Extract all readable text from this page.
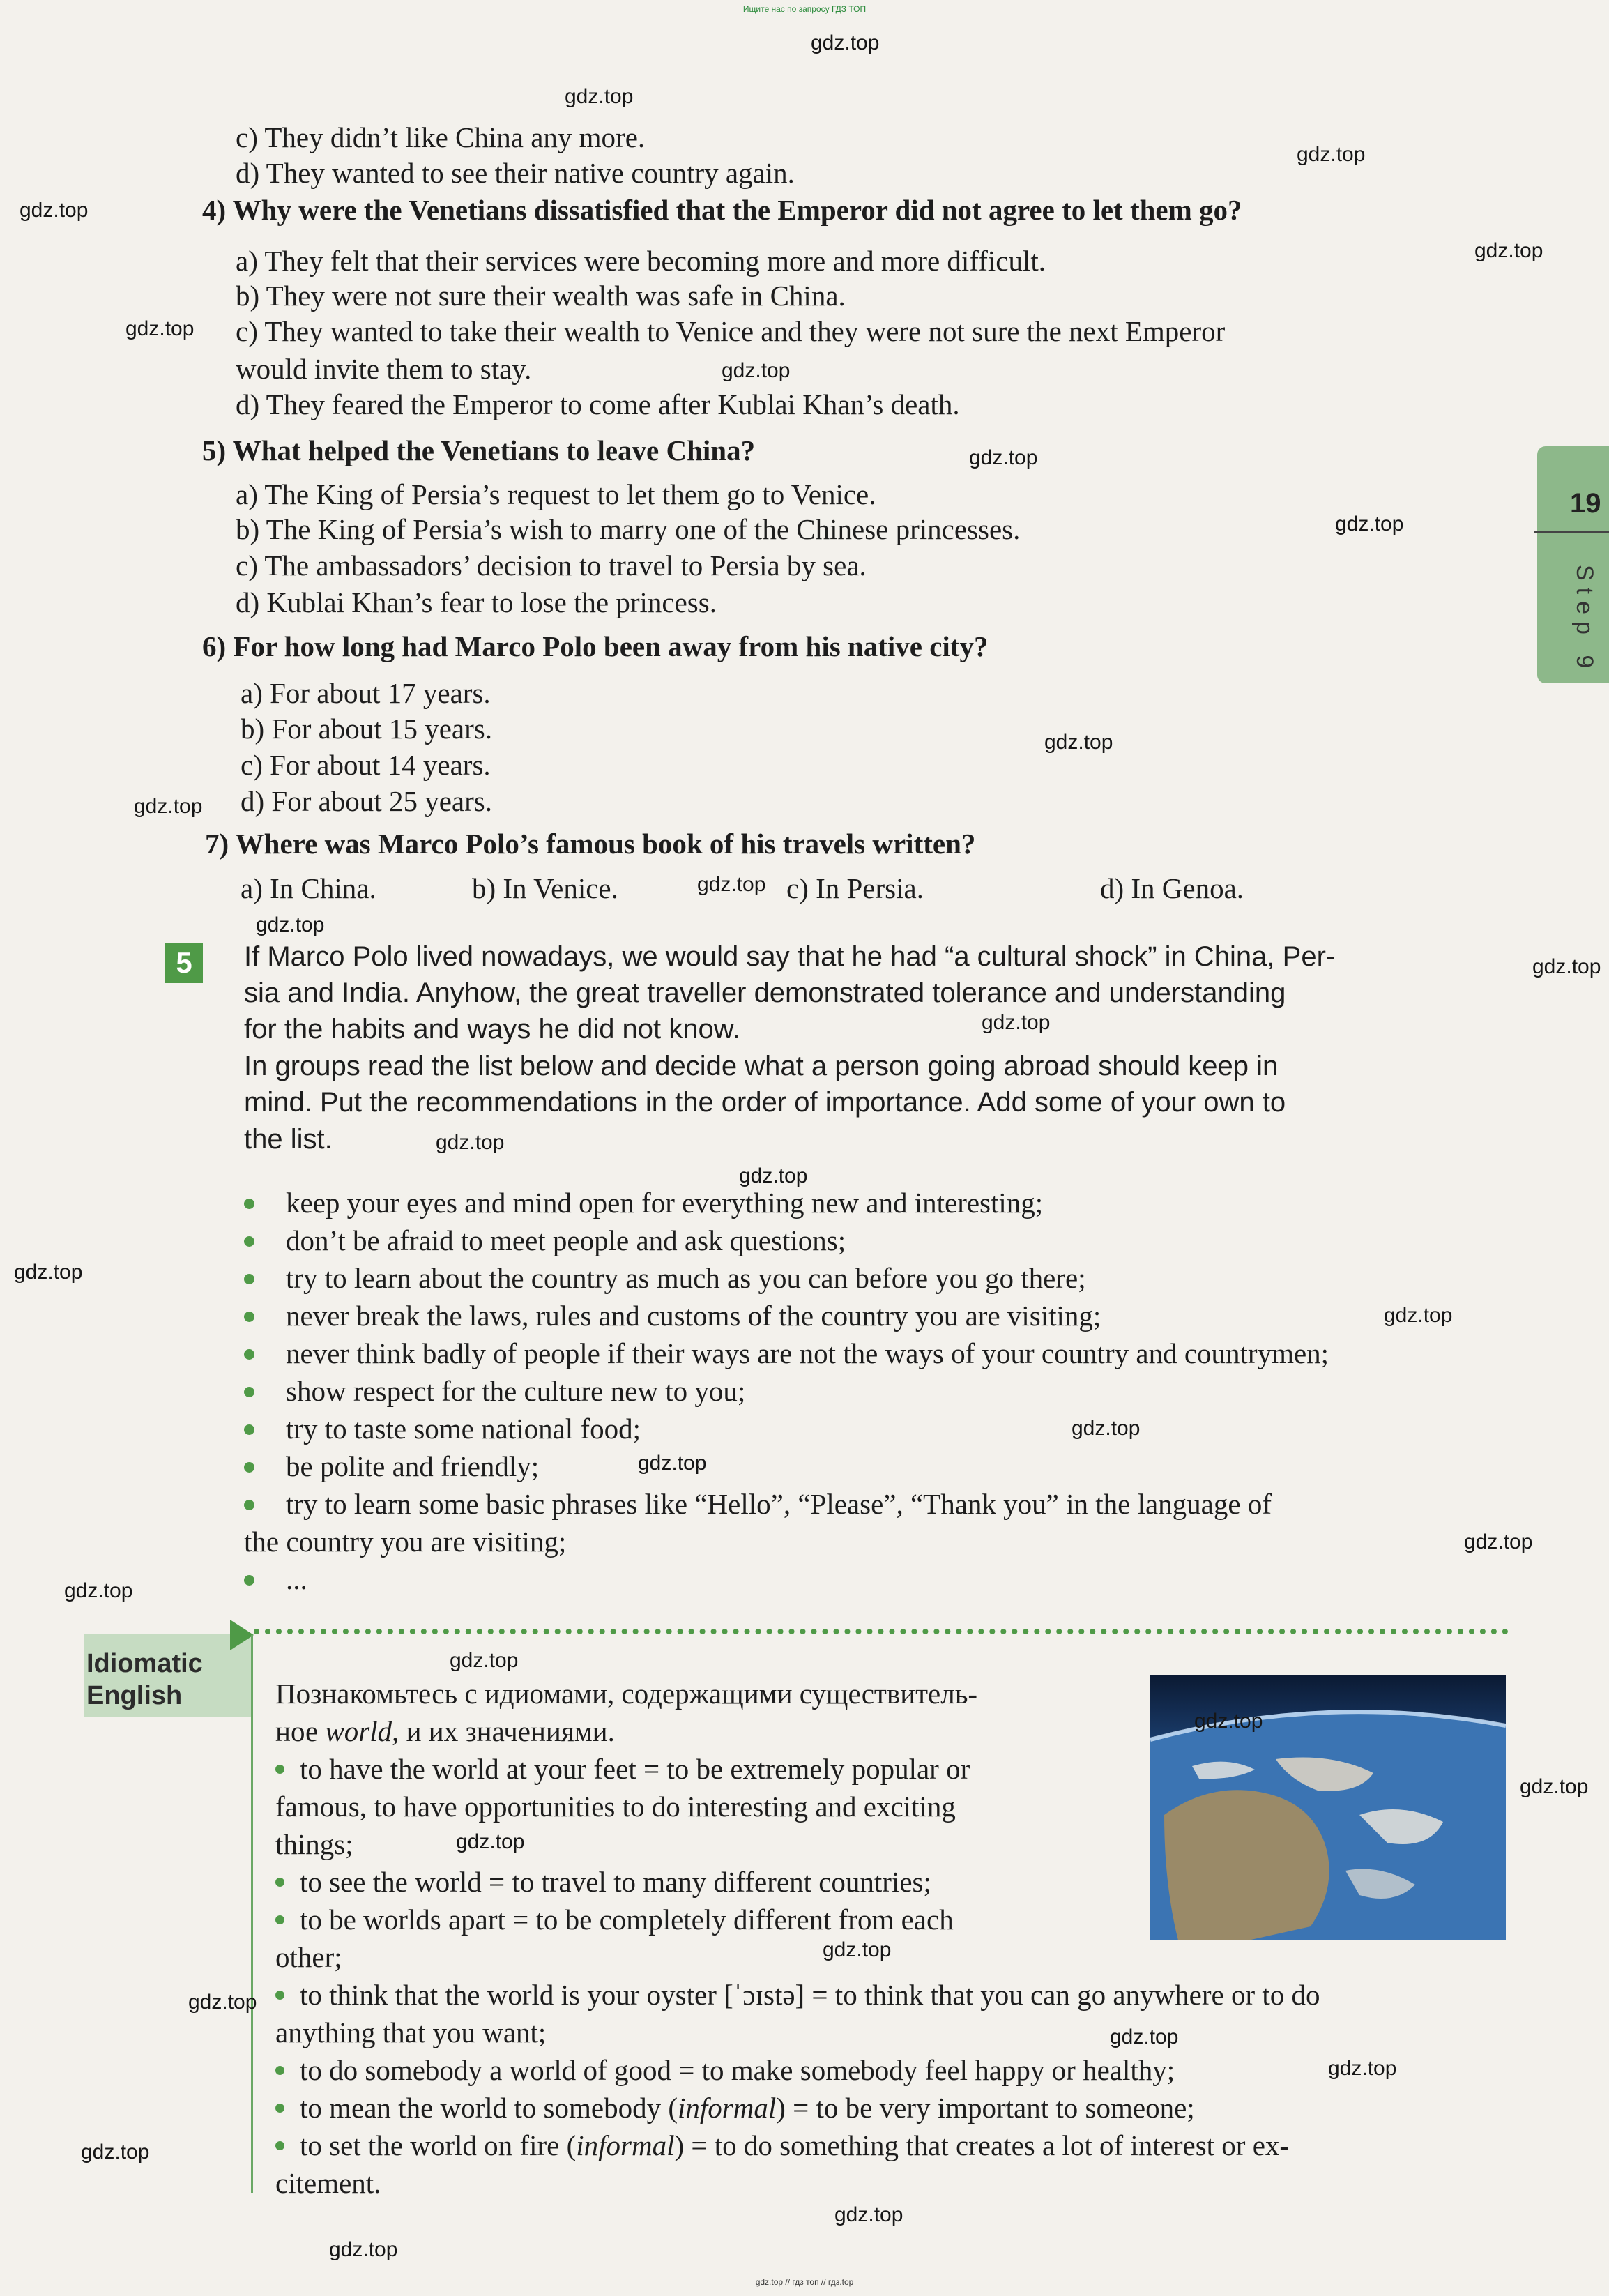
Ищите нас по запросу ГДЗ ТОП
19
Step 9
c) They didn’t like China any more.
d) They wanted to see their native country again.
4) Why were the Venetians dissatisfied that the Emperor did not agree to let them go?
a) They felt that their services were becoming more and more difficult.
b) They were not sure their wealth was safe in China.
c) They wanted to take their wealth to Venice and they were not sure the next Emperor
would invite them to stay.
d) They feared the Emperor to come after Kublai Khan’s death.
5) What helped the Venetians to leave China?
a) The King of Persia’s request to let them go to Venice.
b) The King of Persia’s wish to marry one of the Chinese princesses.
c) The ambassadors’ decision to travel to Persia by sea.
d) Kublai Khan’s fear to lose the princess.
6) For how long had Marco Polo been away from his native city?
a) For about 17 years.
b) For about 15 years.
c) For about 14 years.
d) For about 25 years.
7) Where was Marco Polo’s famous book of his travels written?
a) In China.	b) In Venice.	c) In Persia.	d) In Genoa.
5	If Marco Polo lived nowadays, we would say that he had “a cultural shock” in China, Per-
sia and India. Anyhow, the great traveller demonstrated tolerance and understanding
for the habits and ways he did not know.
In groups read the list below and decide what a person going abroad should keep in
mind. Put the recommendations in the order of importance. Add some of your own to
the list.
keep your eyes and mind open for everything new and interesting;
don’t be afraid to meet people and ask questions;
try to learn about the country as much as you can before you go there;
never break the laws, rules and customs of the country you are visiting;
never think badly of people if their ways are not the ways of your country and countrymen;
show respect for the culture new to you;
try to taste some national food;
be polite and friendly;
try to learn some basic phrases like “Hello”, “Please”, “Thank you” in the language of
the country you are visiting;
...
Idiomatic
English	Познакомьтесь с идиомами, содержащими существитель-
ное world, и их значениями.
to have the world at your feet = to be extremely popular or
famous, to have opportunities to do interesting and exciting
things;
to see the world = to travel to many different countries;
to be worlds apart = to be completely different from each
other;
to think that the world is your oyster [ˈɔɪstə] = to think that you can go anywhere or to do
anything that you want;
to do somebody a world of good = to make somebody feel happy or healthy;
to mean the world to somebody (informal) = to be very important to someone;
to set the world on fire (informal) = to do something that creates a lot of interest or ex-
citement.
gdz.top
gdz.top
gdz.top
gdz.top
gdz.top
gdz.top
gdz.top
gdz.top
gdz.top
gdz.top
gdz.top
gdz.top
gdz.top
gdz.top
gdz.top
gdz.top
gdz.top
gdz.top
gdz.top
gdz.top
gdz.top
gdz.top
gdz.top
gdz.top
gdz.top
gdz.top
gdz.top
gdz.top
gdz.top
gdz.top
gdz.top
gdz.top
gdz.top
gdz.top
gdz.top // гдз топ // гдз.top
